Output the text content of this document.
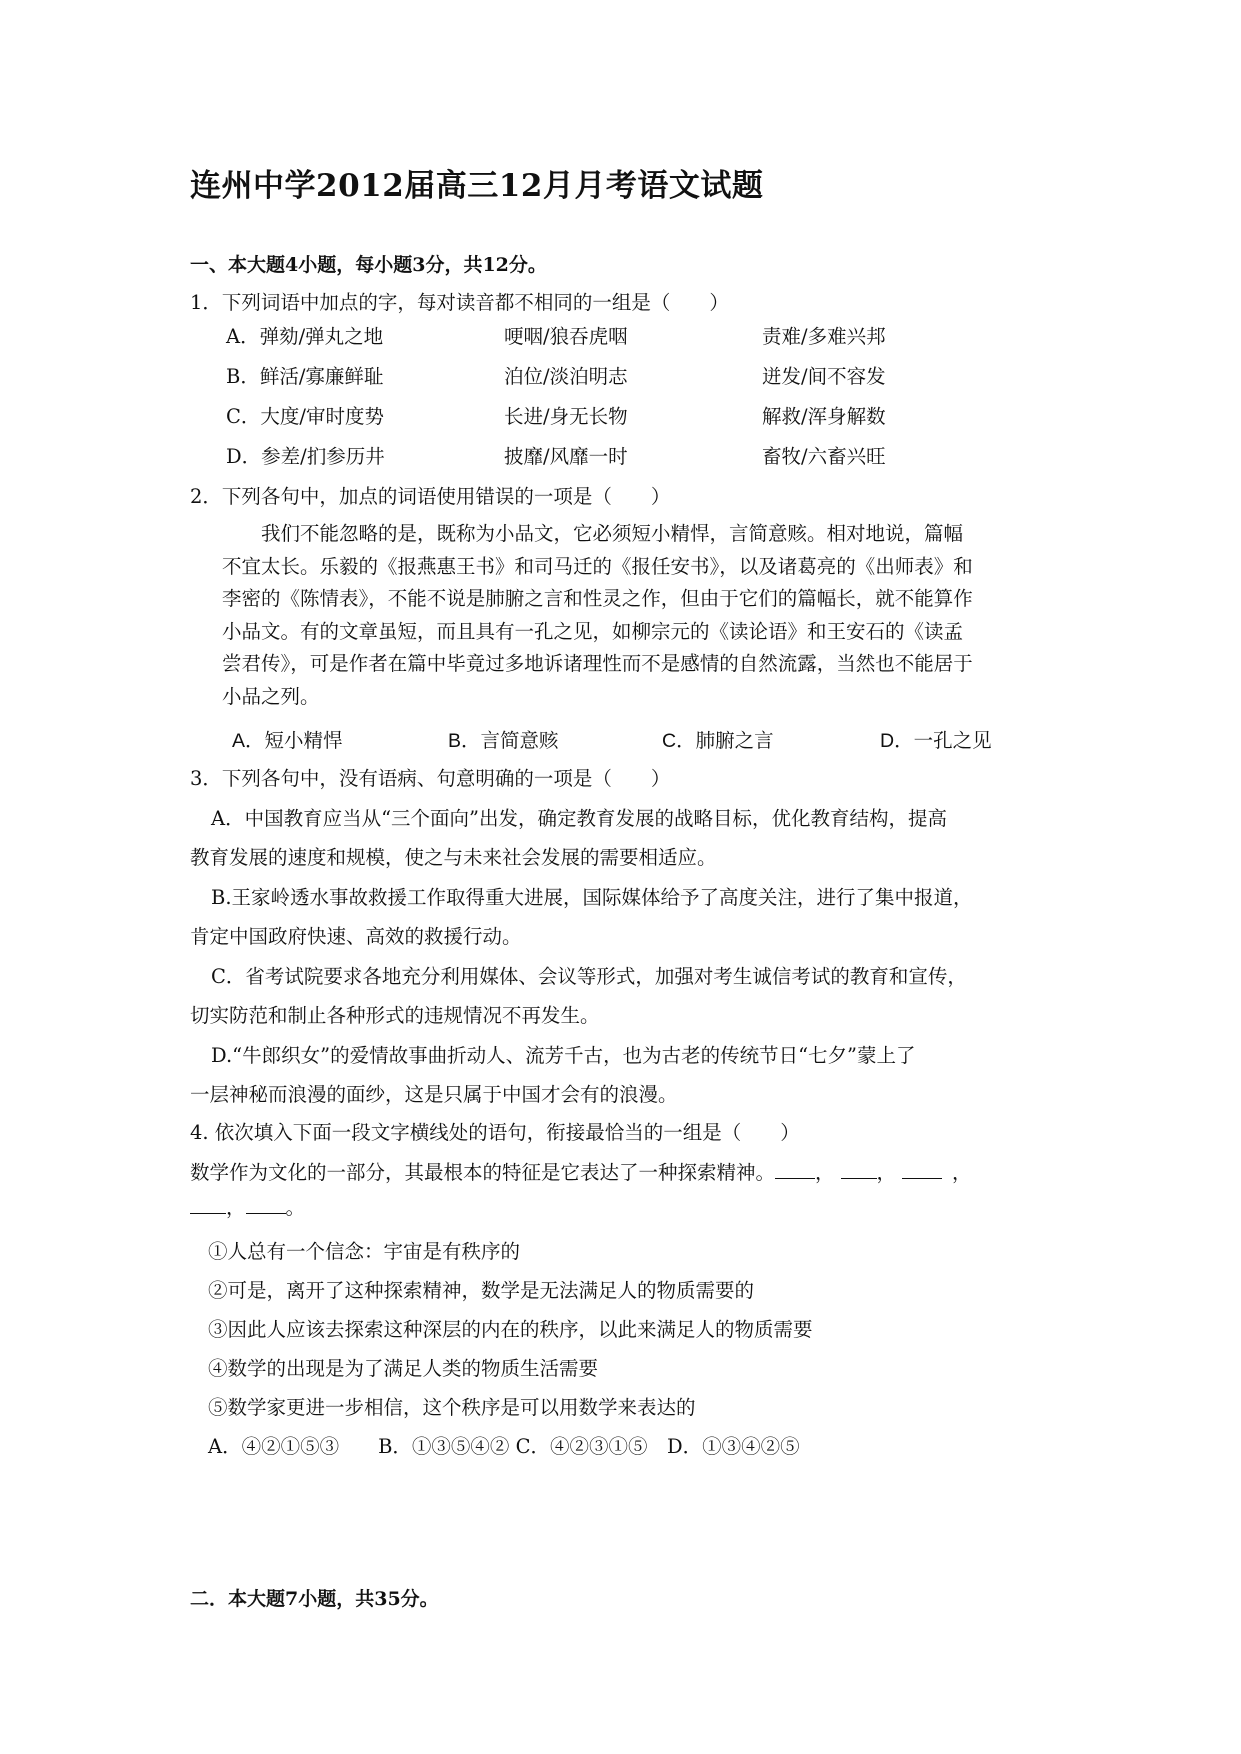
连州中学2012届高三12月月考语文试题
一、本大题4小题，每小题3分，共12分。
1．下列词语中加点的字，每对读音都不相同的一组是（　　）
A．弹劾/弹丸之地	哽咽/狼吞虎咽	责难/多难兴邦
B．鲜活/寡廉鲜耻	泊位/淡泊明志	迸发/间不容发
C．大度/审时度势	长进/身无长物	解救/浑身解数
D．参差/扪参历井	披靡/风靡一时	畜牧/六畜兴旺
2．下列各句中，加点的词语使用错误的一项是（　　）
　　我们不能忽略的是，既称为小品文，它必须短小精悍，言简意赅。相对地说，篇幅
不宜太长。乐毅的《报燕惠王书》和司马迁的《报任安书》，以及诸葛亮的《出师表》和
李密的《陈情表》，不能不说是肺腑之言和性灵之作，但由于它们的篇幅长，就不能算作
小品文。有的文章虽短，而且具有一孔之见，如柳宗元的《读论语》和王安石的《读孟
尝君传》，可是作者在篇中毕竟过多地诉诸理性而不是感情的自然流露，当然也不能居于
小品之列。
A．短小精悍	B．言简意赅	C．肺腑之言	D．一孔之见
3．下列各句中，没有语病、句意明确的一项是（　　）
A．中国教育应当从“三个面向”出发，确定教育发展的战略目标，优化教育结构，提高
教育发展的速度和规模，使之与未来社会发展的需要相适应。
B.王家岭透水事故救援工作取得重大进展，国际媒体给予了高度关注，进行了集中报道，
肯定中国政府快速、高效的救援行动。
C．省考试院要求各地充分利用媒体、会议等形式，加强对考生诚信考试的教育和宣传，
切实防范和制止各种形式的违规情况不再发生。
D.“牛郎织女”的爱情故事曲折动人、流芳千古，也为古老的传统节日“七夕”蒙上了
一层神秘而浪漫的面纱，这是只属于中国才会有的浪漫。
4. 依次填入下面一段文字横线处的语句，衔接最恰当的一组是（　　）
数学作为文化的一部分，其最根本的特征是它表达了一种探索精神。 ， ，	，
， 。
①人总有一个信念：宇宙是有秩序的
②可是，离开了这种探索精神，数学是无法满足人的物质需要的
③因此人应该去探索这种深层的内在的秩序，以此来满足人的物质需要
④数学的出现是为了满足人类的物质生活需要
⑤数学家更进一步相信，这个秩序是可以用数学来表达的
A．④②①⑤③　　B．①③⑤④② C．④②③①⑤　D．①③④②⑤
二．本大题7小题，共35分。
